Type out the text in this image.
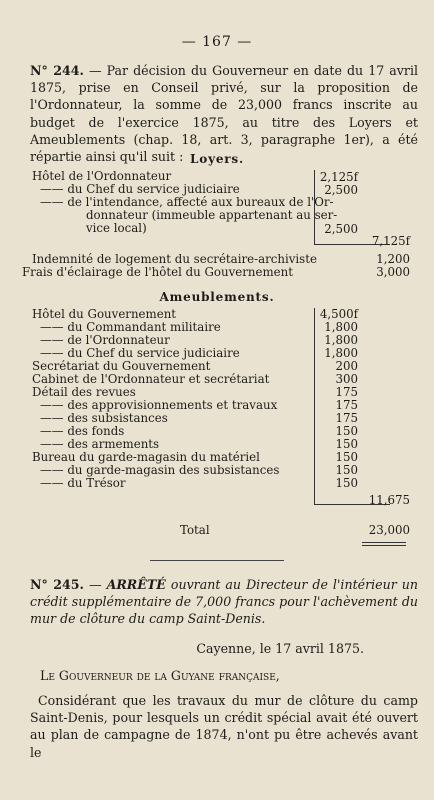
— 167 —
N° 244. — Par décision du Gouverneur en date du 17 avril 1875, prise en Conseil privé, sur la proposition de l'Ordonnateur, la somme de 23,000 francs inscrite au budget de l'exercice 1875, au titre des Loyers et Ameublements (chap. 18, art. 3, paragraphe 1er), a été répartie ainsi qu'il suit : Loyers.
Hôtel de l'Ordonnateur	2,125f
—— du Chef du service judiciaire	2,500
—— de l'intendance, affecté aux bureaux de l'Or-
donnateur (immeuble appartenant au ser-
vice local)	2,500
7,125f
Indemnité de logement du secrétaire-archiviste	1,200
Frais d'éclairage de l'hôtel du Gouvernement	3,000
Ameublements.
Hôtel du Gouvernement	4,500f
—— du Commandant militaire	1,800
—— de l'Ordonnateur	1,800
—— du Chef du service judiciaire	1,800
Secrétariat du Gouvernement	200
Cabinet de l'Ordonnateur et secrétariat	300
Détail des revues	175
—— des approvisionnements et travaux	175
—— des subsistances	175
—— des fonds	150
—— des armements	150
Bureau du garde-magasin du matériel	150
—— du garde-magasin des subsistances	150
—— du Trésor	150
11,675
Total	23,000
N° 245. — ARRÊTÉ ouvrant au Directeur de l'intérieur un crédit supplémentaire de 7,000 francs pour l'achèvement du mur de clôture du camp Saint-Denis.
Cayenne, le 17 avril 1875.
Le Gouverneur de la Guyane française,
Considérant que les travaux du mur de clôture du camp Saint-Denis, pour lesquels un crédit spécial avait été ouvert au plan de campagne de 1874, n'ont pu être achevés avant le
